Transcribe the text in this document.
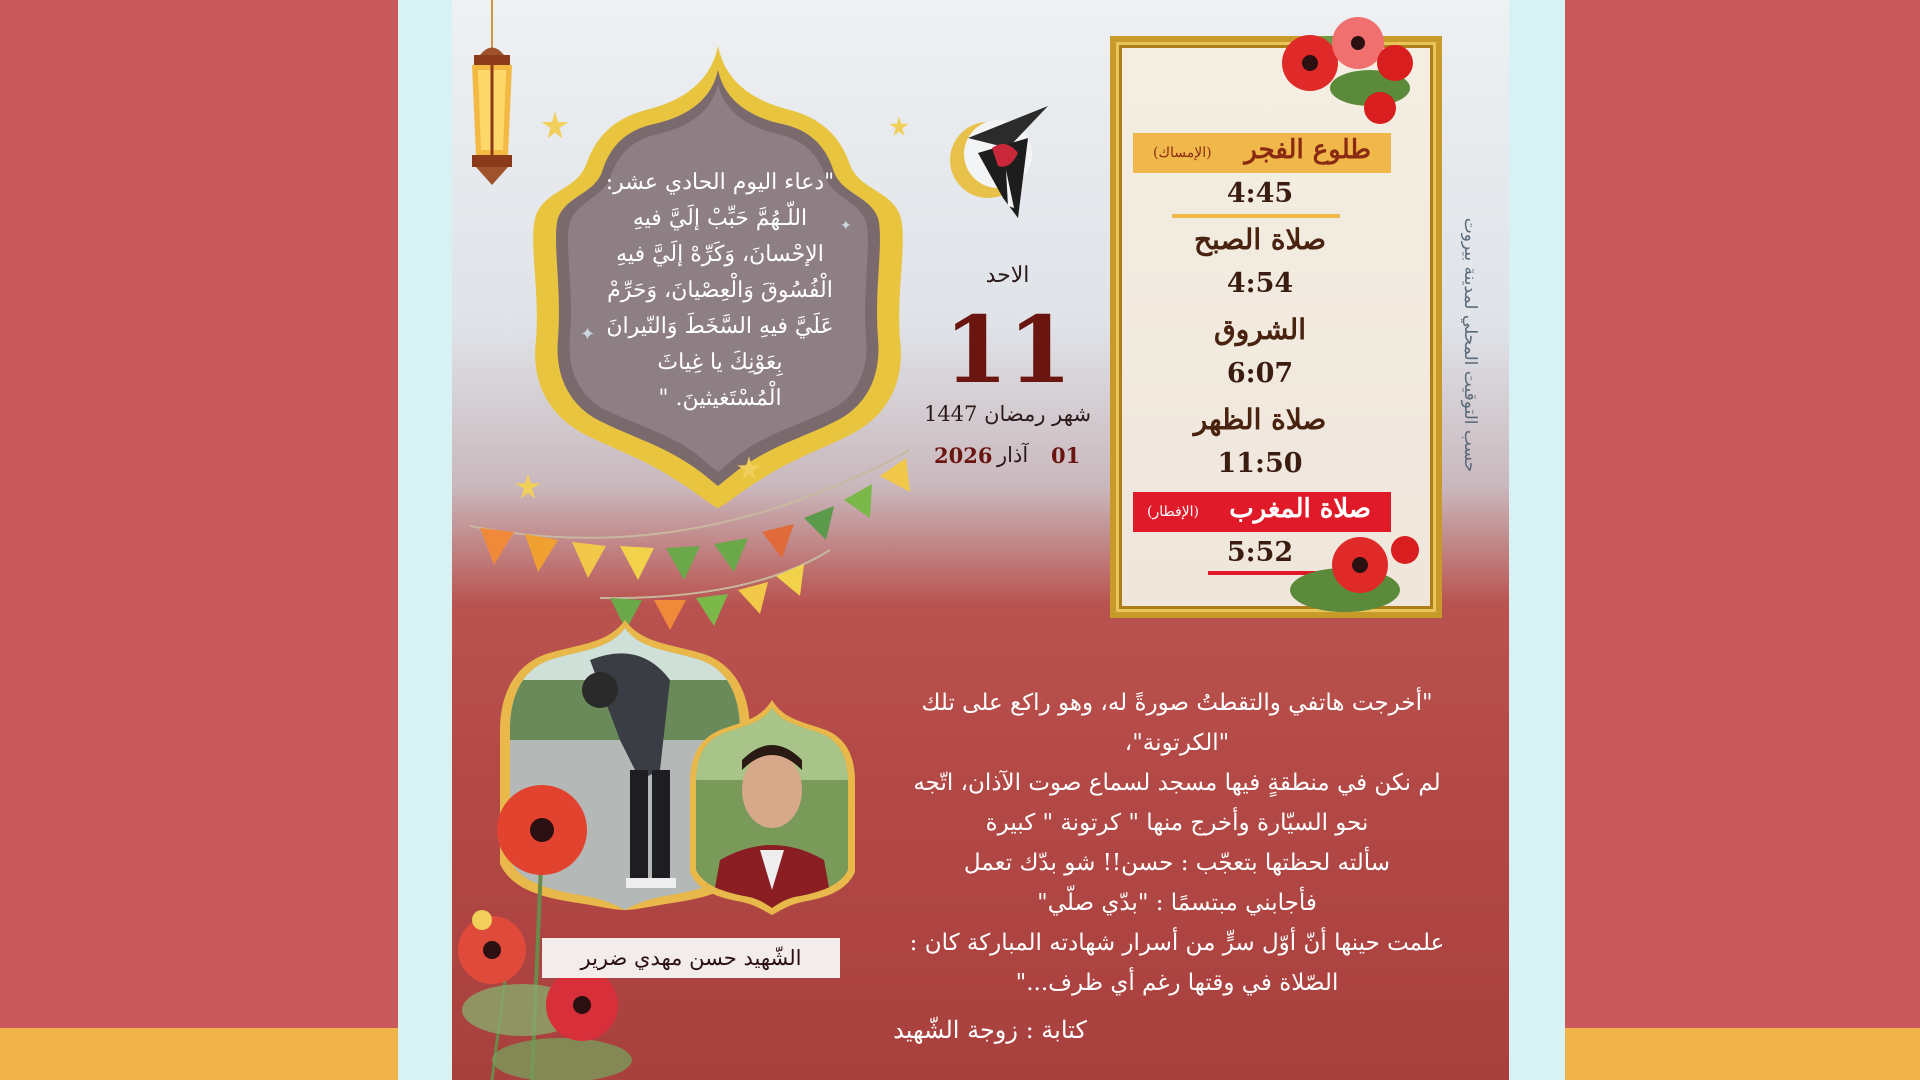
✦
✦
"دعاء اليوم الحادي عشر:
اللّـهُمَّ حَبِّبْ إلَيَّ فيهِ
الإحْسانَ، وَكَرِّهْ إلَيَّ فيهِ
الْفُسُوقَ وَالْعِصْيانَ، وَحَرِّمْ
عَلَيَّ فيهِ السَّخَطَ وَالنّيرانَ
بِعَوْنِكَ يا غِياثَ
الْمُسْتَغيثينَ. "
الاحد
11
شهر رمضان 1447
01
آذار
2026
طلوع الفجر
(الإمساك)
4:45
صلاة الصبح
4:54
الشروق
6:07
صلاة الظهر
11:50
صلاة المغرب
(الإفطار)
5:52
حسب التوقيت المحلي لمدينة بيروت
الشّهيد حسن مهدي ضرير
"أخرجت هاتفي والتقطتُ صورةً له، وهو راكع على تلك
"الكرتونة"،
لم نكن في منطقةٍ فيها مسجد لسماع صوت الآذان، اتّجه
نحو السيّارة وأخرج منها " كرتونة " كبيرة
سألته لحظتها بتعجّب : حسن!! شو بدّك تعمل
فأجابني مبتسمًا : "بدّي صلّي"
علمت حينها أنّ أوّل سرٍّ من أسرار شهادته المباركة كان :
الصّلاة في وقتها رغم أي ظرف..."
كتابة : زوجة الشّهيد
